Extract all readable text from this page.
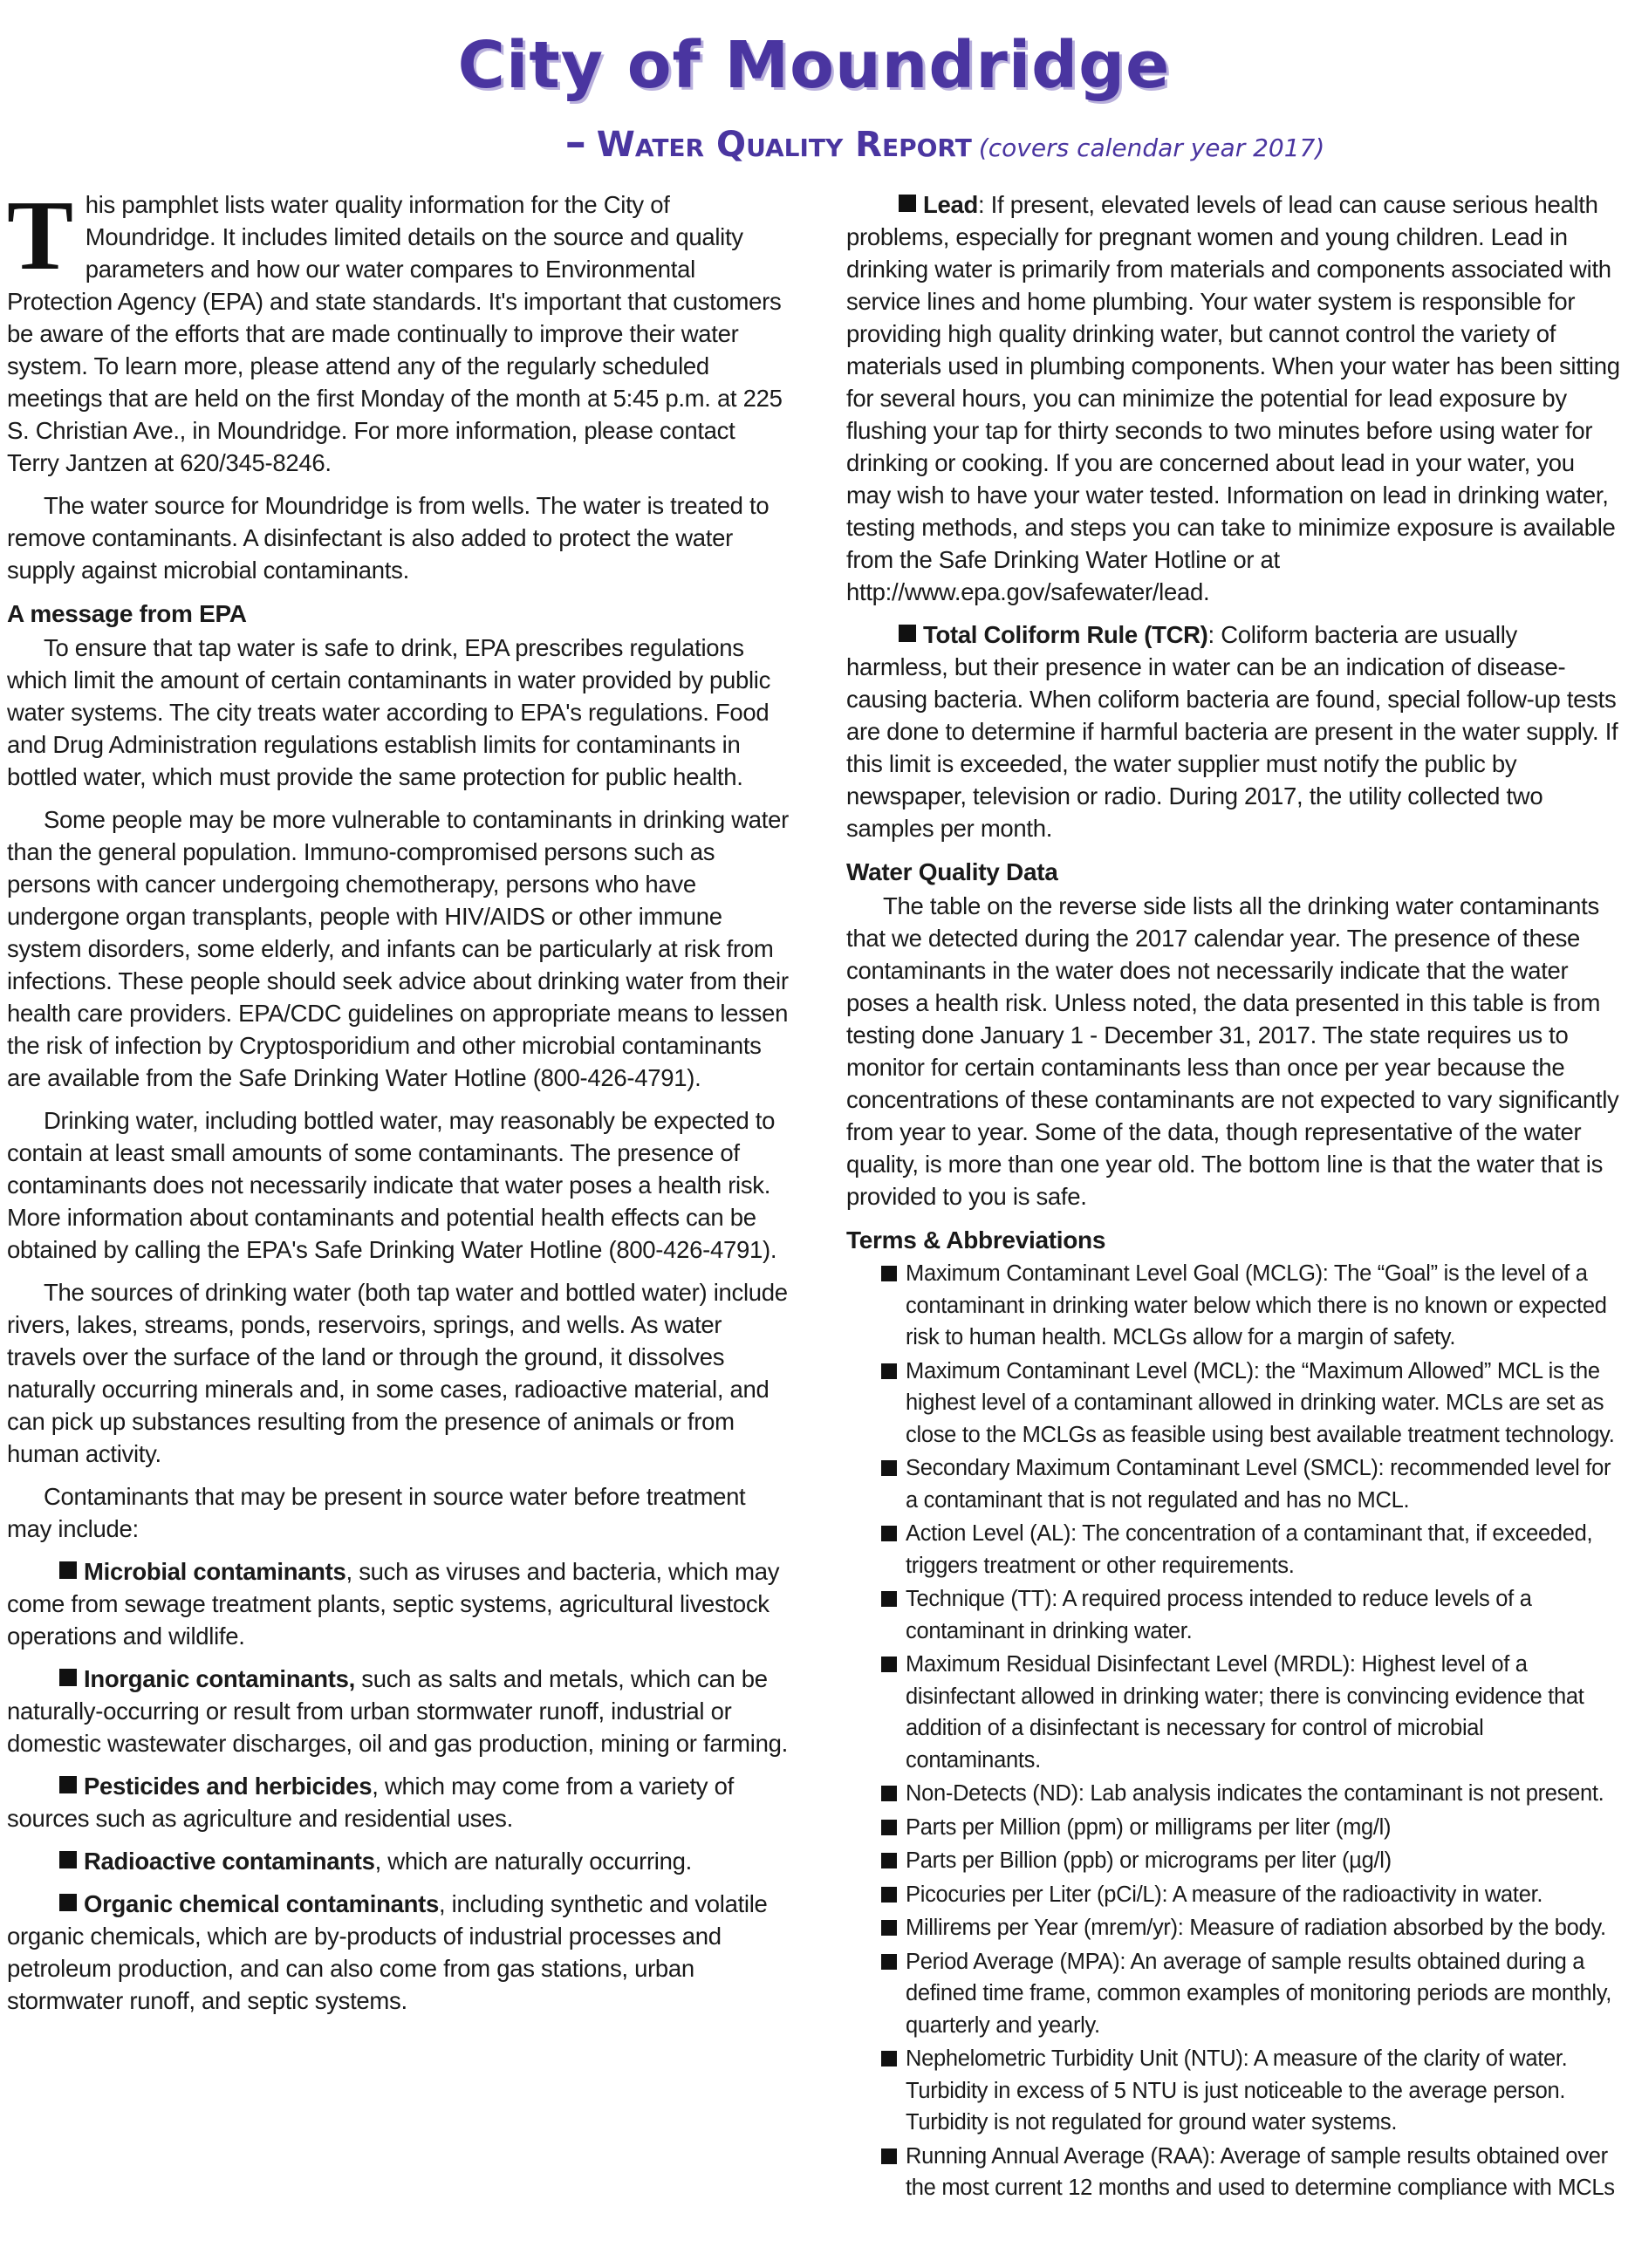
City of Moundridge
– Water Quality Report (covers calendar year 2017)

This pamphlet lists water quality information for the City of Moundridge. It includes limited details on the source and quality parameters and how our water compares to Environmental Protection Agency (EPA) and state standards. It's important that customers be aware of the efforts that are made continually to improve their water system. To learn more, please attend any of the regularly scheduled meetings that are held on the first Monday of the month at 5:45 p.m. at 225 S. Christian Ave., in Moundridge. For more information, please contact Terry Jantzen at 620/345-8246.

The water source for Moundridge is from wells. The water is treated to remove contaminants. A disinfectant is also added to protect the water supply against microbial contaminants.

A message from EPA

To ensure that tap water is safe to drink, EPA prescribes regulations which limit the amount of certain contaminants in water provided by public water systems. The city treats water according to EPA's regulations. Food and Drug Administration regulations establish limits for contaminants in bottled water, which must provide the same protection for public health.

Some people may be more vulnerable to contaminants in drinking water than the general population. Immuno-compromised persons such as persons with cancer undergoing chemotherapy, persons who have undergone organ transplants, people with HIV/AIDS or other immune system disorders, some elderly, and infants can be particularly at risk from infections. These people should seek advice about drinking water from their health care providers. EPA/CDC guidelines on appropriate means to lessen the risk of infection by Cryptosporidium and other microbial contaminants are available from the Safe Drinking Water Hotline (800-426-4791).

Drinking water, including bottled water, may reasonably be expected to contain at least small amounts of some contaminants. The presence of contaminants does not necessarily indicate that water poses a health risk. More information about contaminants and potential health effects can be obtained by calling the EPA's Safe Drinking Water Hotline (800-426-4791).

The sources of drinking water (both tap water and bottled water) include rivers, lakes, streams, ponds, reservoirs, springs, and wells. As water travels over the surface of the land or through the ground, it dissolves naturally occurring minerals and, in some cases, radioactive material, and can pick up substances resulting from the presence of animals or from human activity.

Contaminants that may be present in source water before treatment may include:

Microbial contaminants, such as viruses and bacteria, which may come from sewage treatment plants, septic systems, agricultural livestock operations and wildlife.

Inorganic contaminants, such as salts and metals, which can be naturally-occurring or result from urban stormwater runoff, industrial or domestic wastewater discharges, oil and gas production, mining or farming.

Pesticides and herbicides, which may come from a variety of sources such as agriculture and residential uses.

Radioactive contaminants, which are naturally occurring.

Organic chemical contaminants, including synthetic and volatile organic chemicals, which are by-products of industrial processes and petroleum production, and can also come from gas stations, urban stormwater runoff, and septic systems.

Lead: If present, elevated levels of lead can cause serious health problems, especially for pregnant women and young children. Lead in drinking water is primarily from materials and components associated with service lines and home plumbing. Your water system is responsible for providing high quality drinking water, but cannot control the variety of materials used in plumbing components. When your water has been sitting for several hours, you can minimize the potential for lead exposure by flushing your tap for thirty seconds to two minutes before using water for drinking or cooking. If you are concerned about lead in your water, you may wish to have your water tested. Information on lead in drinking water, testing methods, and steps you can take to minimize exposure is available from the Safe Drinking Water Hotline or at http://www.epa.gov/safewater/lead.

Total Coliform Rule (TCR): Coliform bacteria are usually harmless, but their presence in water can be an indication of disease-causing bacteria. When coliform bacteria are found, special follow-up tests are done to determine if harmful bacteria are present in the water supply. If this limit is exceeded, the water supplier must notify the public by newspaper, television or radio. During 2017, the utility collected two samples per month.

Water Quality Data

The table on the reverse side lists all the drinking water contaminants that we detected during the 2017 calendar year. The presence of these contaminants in the water does not necessarily indicate that the water poses a health risk. Unless noted, the data presented in this table is from testing done January 1 - December 31, 2017. The state requires us to monitor for certain contaminants less than once per year because the concentrations of these contaminants are not expected to vary significantly from year to year. Some of the data, though representative of the water quality, is more than one year old. The bottom line is that the water that is provided to you is safe.

Terms & Abbreviations
Maximum Contaminant Level Goal (MCLG): The “Goal” is the level of a contaminant in drinking water below which there is no known or expected risk to human health. MCLGs allow for a margin of safety.
Maximum Contaminant Level (MCL): the “Maximum Allowed” MCL is the highest level of a contaminant allowed in drinking water. MCLs are set as close to the MCLGs as feasible using best available treatment technology.
Secondary Maximum Contaminant Level (SMCL): recommended level for a contaminant that is not regulated and has no MCL.
Action Level (AL): The concentration of a contaminant that, if exceeded, triggers treatment or other requirements.
Technique (TT): A required process intended to reduce levels of a contaminant in drinking water.
Maximum Residual Disinfectant Level (MRDL): Highest level of a disinfectant allowed in drinking water; there is convincing evidence that addition of a disinfectant is necessary for control of microbial contaminants.
Non-Detects (ND): Lab analysis indicates the contaminant is not present.
Parts per Million (ppm) or milligrams per liter (mg/l)
Parts per Billion (ppb) or micrograms per liter (µg/l)
Picocuries per Liter (pCi/L): A measure of the radioactivity in water.
Millirems per Year (mrem/yr): Measure of radiation absorbed by the body.
Period Average (MPA): An average of sample results obtained during a defined time frame, common examples of monitoring periods are monthly, quarterly and yearly.
Nephelometric Turbidity Unit (NTU): A measure of the clarity of water. Turbidity in excess of 5 NTU is just noticeable to the average person. Turbidity is not regulated for ground water systems.
Running Annual Average (RAA): Average of sample results obtained over the most current 12 months and used to determine compliance with MCLs
